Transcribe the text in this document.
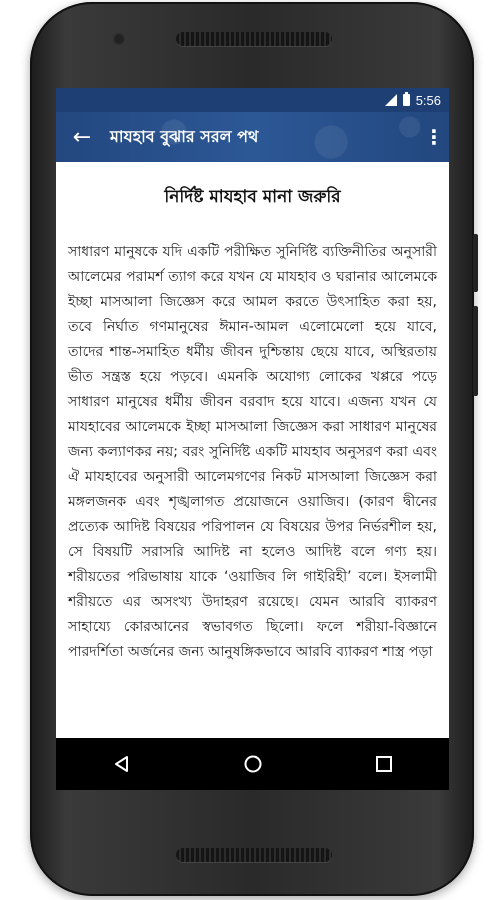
5:56
←	মাযহাব বুঝার সরল পথ	⋮
নির্দিষ্ট মাযহাব মানা জরুরি
সাধারণ মানুষকে যদি একটি পরীক্ষিত সুনির্দিষ্ট ব্যক্তিনীতির অনুসারী আলেমের পরামর্শ ত্যাগ করে যখন যে মাযহাব ও ঘরানার আলেমকে ইচ্ছা মাসআলা জিজ্ঞেস করে আমল করতে উৎসাহিত করা হয়, তবে নির্ঘাত গণমানুষের ঈমান-আমল এলোমেলো হয়ে যাবে, তাদের শান্ত-সমাহিত ধর্মীয় জীবন দুশ্চিন্তায় ছেয়ে যাবে, অস্থিরতায় ভীত সন্ত্রস্ত হয়ে পড়বে। এমনকি অযোগ্য লোকের খপ্পরে পড়ে সাধারণ মানুষের ধর্মীয় জীবন বরবাদ হয়ে যাবে। এজন্য যখন যে মাযহাবের আলেমকে ইচ্ছা মাসআলা জিজ্ঞেস করা সাধারণ মানুষের জন্য কল্যাণকর নয়; বরং সুনির্দিষ্ট একটি মাযহাব অনুসরণ করা এবং ঐ মাযহাবের অনুসারী আলেমগণের নিকট মাসআলা জিজ্ঞেস করা মঙ্গলজনক এবং শৃঙ্খলাগত প্রয়োজনে ওয়াজিব। (কারণ দ্বীনের প্রত্যেক আদিষ্ট বিষয়ের পরিপালন যে বিষয়ের উপর নির্ভরশীল হয়, সে বিষয়টি সরাসরি আদিষ্ট না হলেও আদিষ্ট বলে গণ্য হয়। শরীয়তের পরিভাষায় যাকে ‘ওয়াজিব লি গাইরিহী’ বলে। ইসলামী শরীয়তে এর অসংখ্য উদাহরণ রয়েছে। যেমন আরবি ব্যাকরণ সাহায্যে কোরআনের স্বভাবগত ছিলো। ফলে শরীয়া-বিজ্ঞানে পারদর্শিতা অর্জনের জন্য আনুষঙ্গিকভাবে আরবি ব্যাকরণ শাস্ত্র পড়া
